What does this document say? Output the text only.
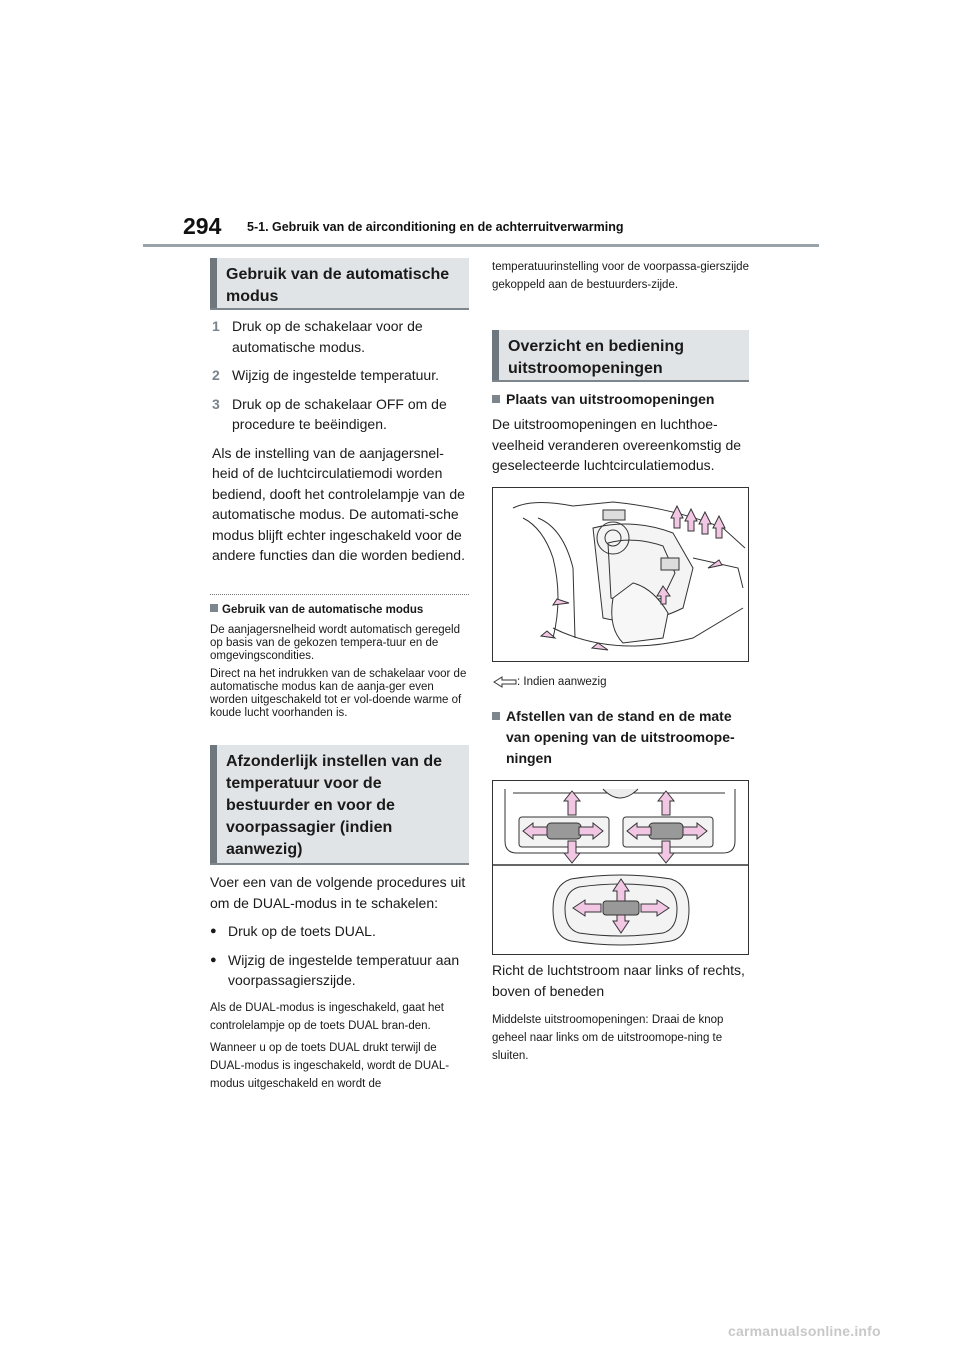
294 5-1. Gebruik van de airconditioning en de achterruitverwarming
Gebruik van de automatische modus
1 Druk op de schakelaar voor de automatische modus.
2 Wijzig de ingestelde temperatuur.
3 Druk op de schakelaar OFF om de procedure te beëindigen.

Als de instelling van de aanjagersnel-heid of de luchtcirculatiemodi worden bediend, dooft het controlelampje van de automatische modus. De automati-sche modus blijft echter ingeschakeld voor de andere functies dan die worden bediend.

Gebruik van de automatische modus
De aanjagersnelheid wordt automatisch geregeld op basis van de gekozen tempera-tuur en de omgevingscondities.
Direct na het indrukken van de schakelaar voor de automatische modus kan de aanja-ger even worden uitgeschakeld tot er vol-doende warme of koude lucht voorhanden is.
Afzonderlijk instellen van de temperatuur voor de bestuurder en voor de voorpassagier (indien aanwezig)

Voer een van de volgende procedures uit om de DUAL-modus in te schakelen:

● Druk op de toets DUAL.
● Wijzig de ingestelde temperatuur aan voorpassagierszijde.
Als de DUAL-modus is ingeschakeld, gaat het controlelampje op de toets DUAL bran-den.
Wanneer u op de toets DUAL drukt terwijl de DUAL-modus is ingeschakeld, wordt de DUAL-modus uitgeschakeld en wordt de
temperatuurinstelling voor de voorpassa-gierszijde gekoppeld aan de bestuurders-zijde.
Overzicht en bediening uitstroomopeningen
Plaats van uitstroomopeningen

De uitstroomopeningen en luchthoe-veelheid veranderen overeenkomstig de geselecteerde luchtcirculatiemodus.

: Indien aanwezig
Afstellen van de stand en de mate van opening van de uitstroomope-ningen

Richt de luchtstroom naar links of rechts, boven of beneden

Middelste uitstroomopeningen: Draai de knop geheel naar links om de uitstroomope-ning te sluiten.
carmanualsonline.info
